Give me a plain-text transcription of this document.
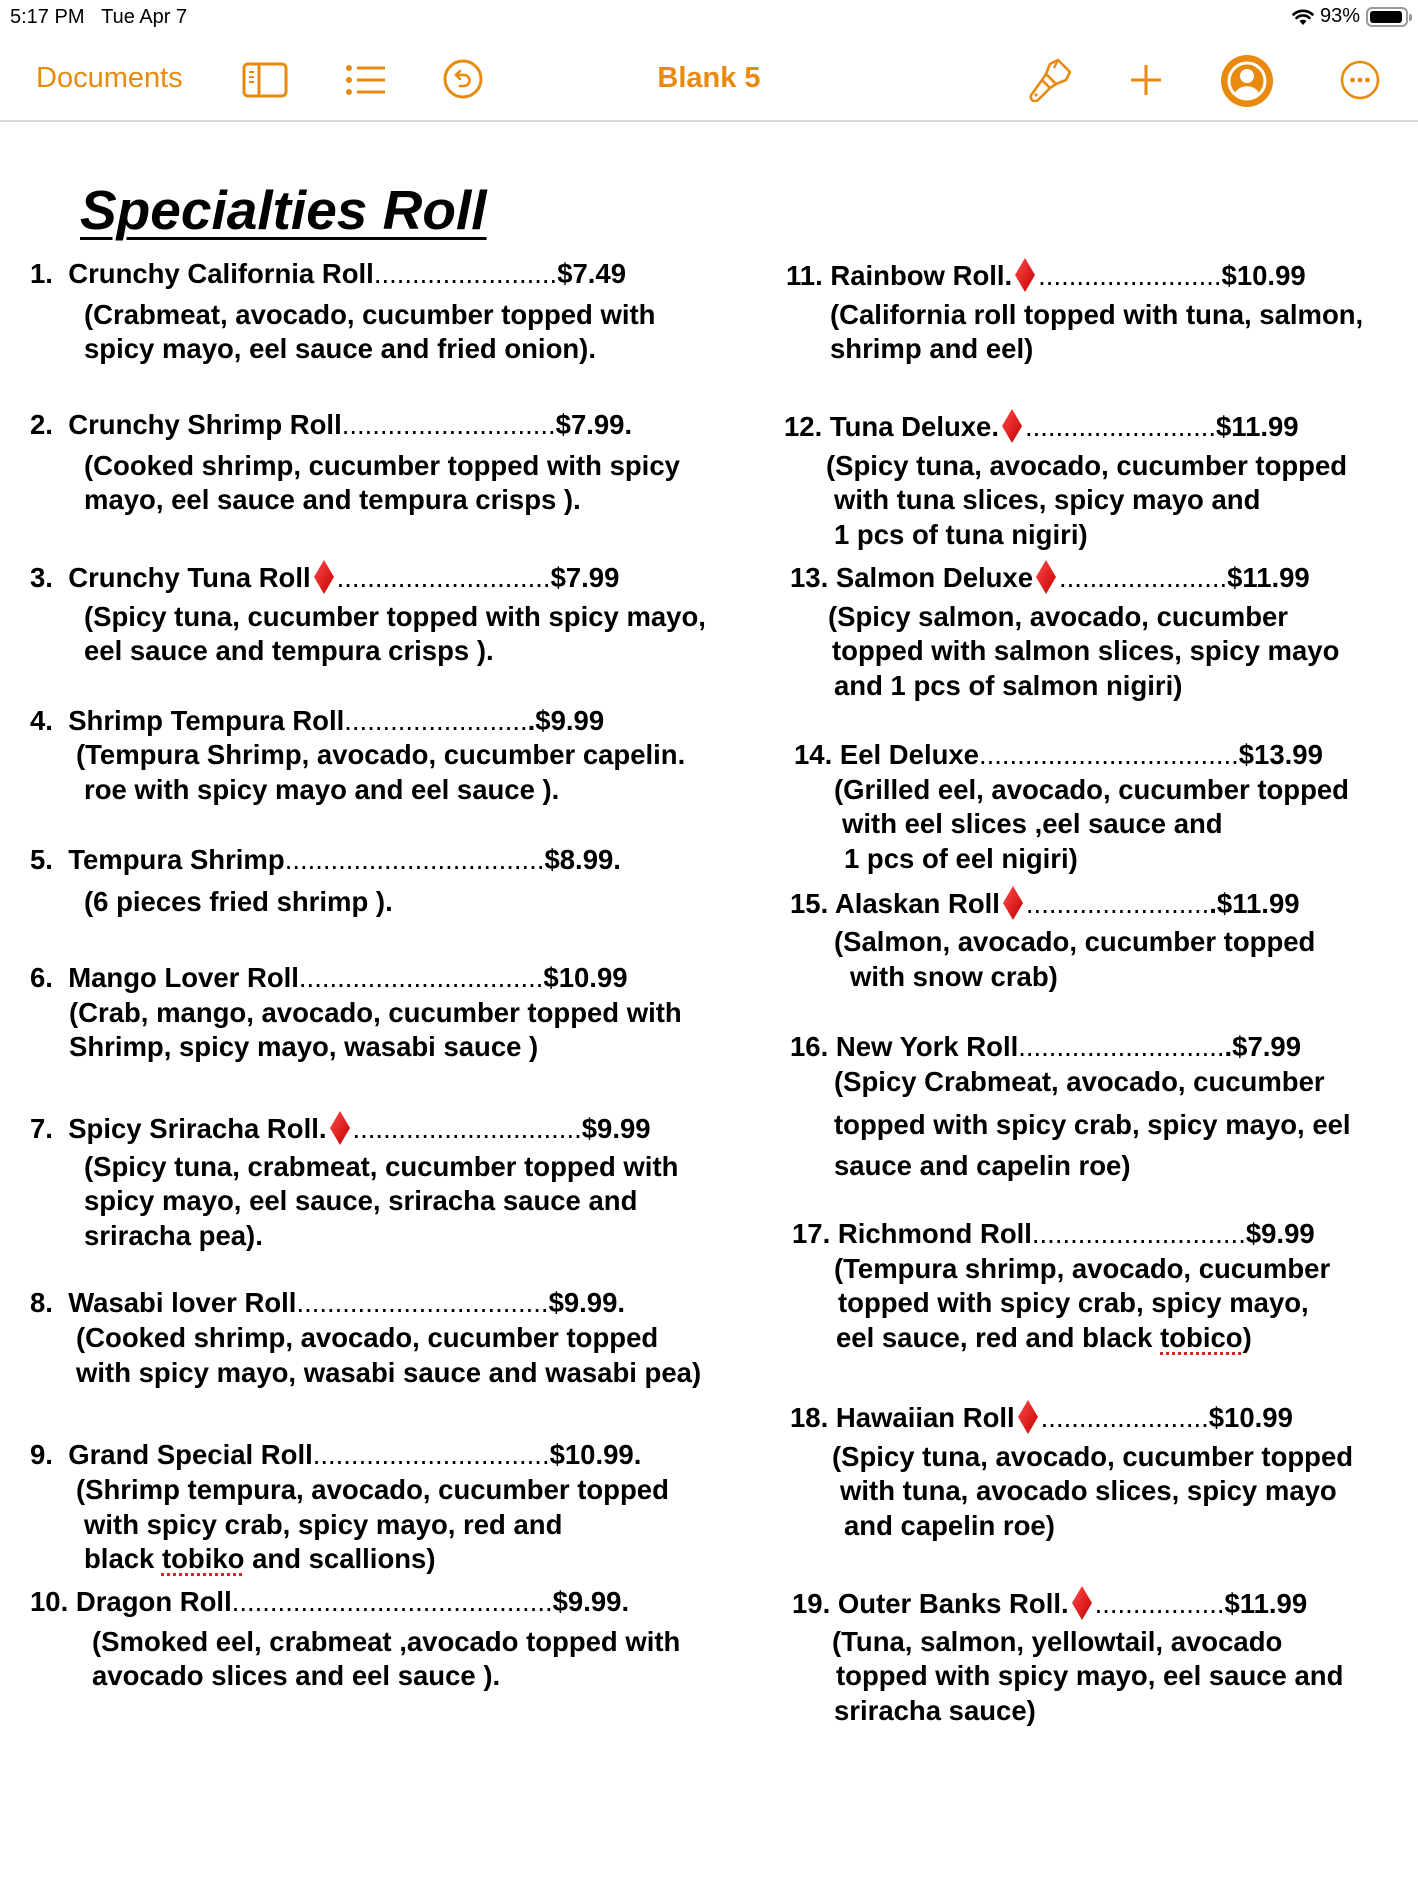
5:17 PM Tue Apr 7	93%
Documents	Blank 5
Specialties Roll
1. Crunchy California Roll........................$7.49
(Crabmeat, avocado, cucumber topped with
spicy mayo, eel sauce and fried onion).
2. Crunchy Shrimp Roll............................$7.99.
(Cooked shrimp, cucumber topped with spicy
mayo, eel sauce and tempura crisps ).
3. Crunchy Tuna Roll ............................$7.99
(Spicy tuna, cucumber topped with spicy mayo,
eel sauce and tempura crisps ).
4. Shrimp Tempura Roll.........................$9.99
(Tempura Shrimp, avocado, cucumber capelin.
roe with spicy mayo and eel sauce ).
5. Tempura Shrimp..................................$8.99.
(6 pieces fried shrimp ).
6. Mango Lover Roll................................$10.99
(Crab, mango, avocado, cucumber topped with
Shrimp, spicy mayo, wasabi sauce )
7. Spicy Sriracha Roll. ..............................$9.99
(Spicy tuna, crabmeat, cucumber topped with
spicy mayo, eel sauce, sriracha sauce and
sriracha pea).
8. Wasabi lover Roll.................................$9.99.
(Cooked shrimp, avocado, cucumber topped
with spicy mayo, wasabi sauce and wasabi pea)
9. Grand Special Roll...............................$10.99.
(Shrimp tempura, avocado, cucumber topped
with spicy crab, spicy mayo, red and
black tobiko and scallions)
10. Dragon Roll..........................................$9.99.
(Smoked eel, crabmeat ,avocado topped with
avocado slices and eel sauce ).
11. Rainbow Roll. ........................$10.99
(California roll topped with tuna, salmon,
shrimp and eel)
12. Tuna Deluxe. .........................$11.99
(Spicy tuna, avocado, cucumber topped
with tuna slices, spicy mayo and
1 pcs of tuna nigiri)
13. Salmon Deluxe ......................$11.99
(Spicy salmon, avocado, cucumber
topped with salmon slices, spicy mayo
and 1 pcs of salmon nigiri)
14. Eel Deluxe..................................$13.99
(Grilled eel, avocado, cucumber topped
with eel slices ,eel sauce and
1 pcs of eel nigiri)
15. Alaskan Roll .........................$11.99
(Salmon, avocado, cucumber topped
with snow crab)
16. New York Roll............................$7.99
(Spicy Crabmeat, avocado, cucumber
topped with spicy crab, spicy mayo, eel
sauce and capelin roe)
17. Richmond Roll............................$9.99
(Tempura shrimp, avocado, cucumber
topped with spicy crab, spicy mayo,
eel sauce, red and black tobico)
18. Hawaiian Roll ......................$10.99
(Spicy tuna, avocado, cucumber topped
with tuna, avocado slices, spicy mayo
and capelin roe)
19. Outer Banks Roll. .................$11.99
(Tuna, salmon, yellowtail, avocado
topped with spicy mayo, eel sauce and
sriracha sauce)
